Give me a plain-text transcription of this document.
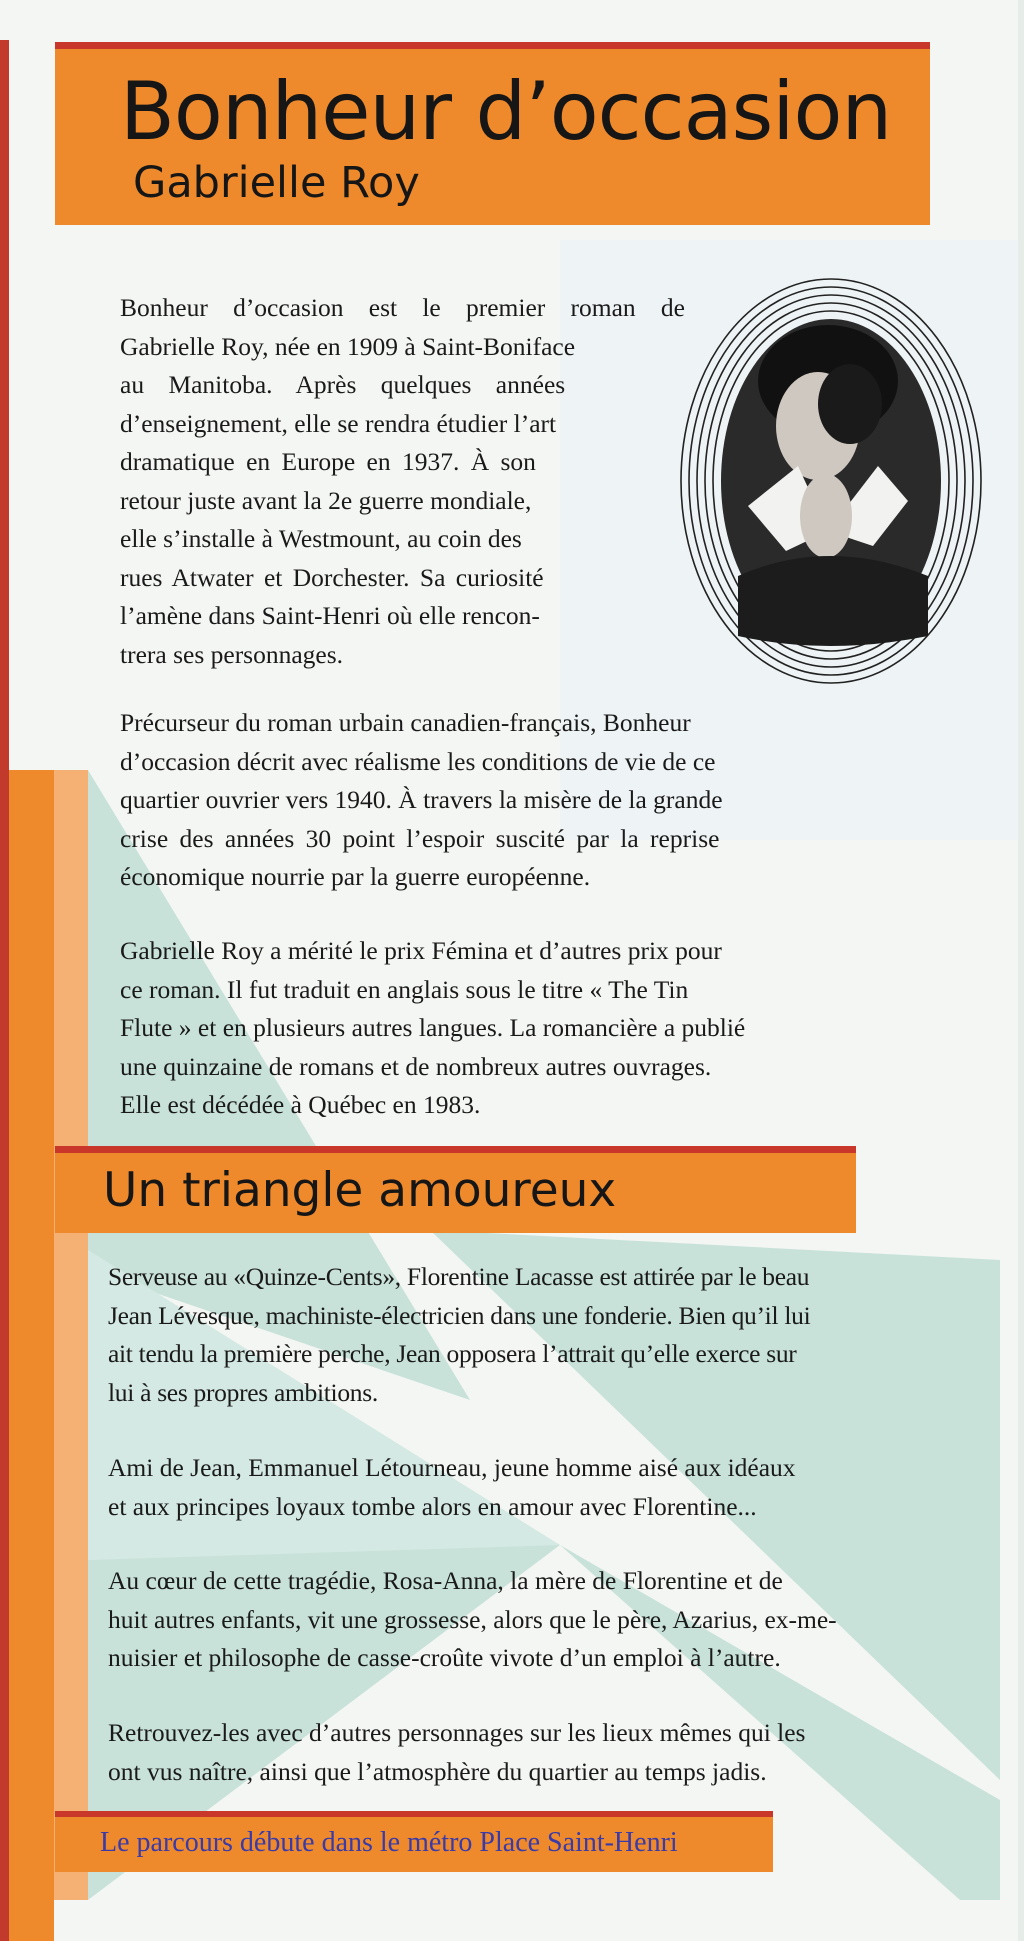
Bonheur d’occasion
Gabrielle Roy

Bonheur d’occasion est le premier roman de
Gabrielle Roy, née en 1909 à Saint-Boniface
au Manitoba. Après quelques années
d’enseignement, elle se rendra étudier l’art
dramatique en Europe en 1937. À son
retour juste avant la 2e guerre mondiale,
elle s’installe à Westmount, au coin des
rues Atwater et Dorchester. Sa curiosité
l’amène dans Saint-Henri où elle rencon-
trera ses personnages.

Précurseur du roman urbain canadien-français, Bonheur
d’occasion décrit avec réalisme les conditions de vie de ce
quartier ouvrier vers 1940. À travers la misère de la grande
crise des années 30 point l’espoir suscité par la reprise
économique nourrie par la guerre européenne.

Gabrielle Roy a mérité le prix Fémina et d’autres prix pour
ce roman. Il fut traduit en anglais sous le titre « The Tin
Flute » et en plusieurs autres langues. La romancière a publié
une quinzaine de romans et de nombreux autres ouvrages.
Elle est décédée à Québec en 1983.

Un triangle amoureux

Serveuse au «Quinze-Cents», Florentine Lacasse est attirée par le beau
Jean Lévesque, machiniste-électricien dans une fonderie. Bien qu’il lui
ait tendu la première perche, Jean opposera l’attrait qu’elle exerce sur
lui à ses propres ambitions.

Ami de Jean, Emmanuel Létourneau, jeune homme aisé aux idéaux
et aux principes loyaux tombe alors en amour avec Florentine...

Au cœur de cette tragédie, Rosa-Anna, la mère de Florentine et de
huit autres enfants, vit une grossesse, alors que le père, Azarius, ex-me-
nuisier et philosophe de casse-croûte vivote d’un emploi à l’autre.

Retrouvez-les avec d’autres personnages sur les lieux mêmes qui les
ont vus naître, ainsi que l’atmosphère du quartier au temps jadis.

Le parcours débute dans le métro Place Saint-Henri
